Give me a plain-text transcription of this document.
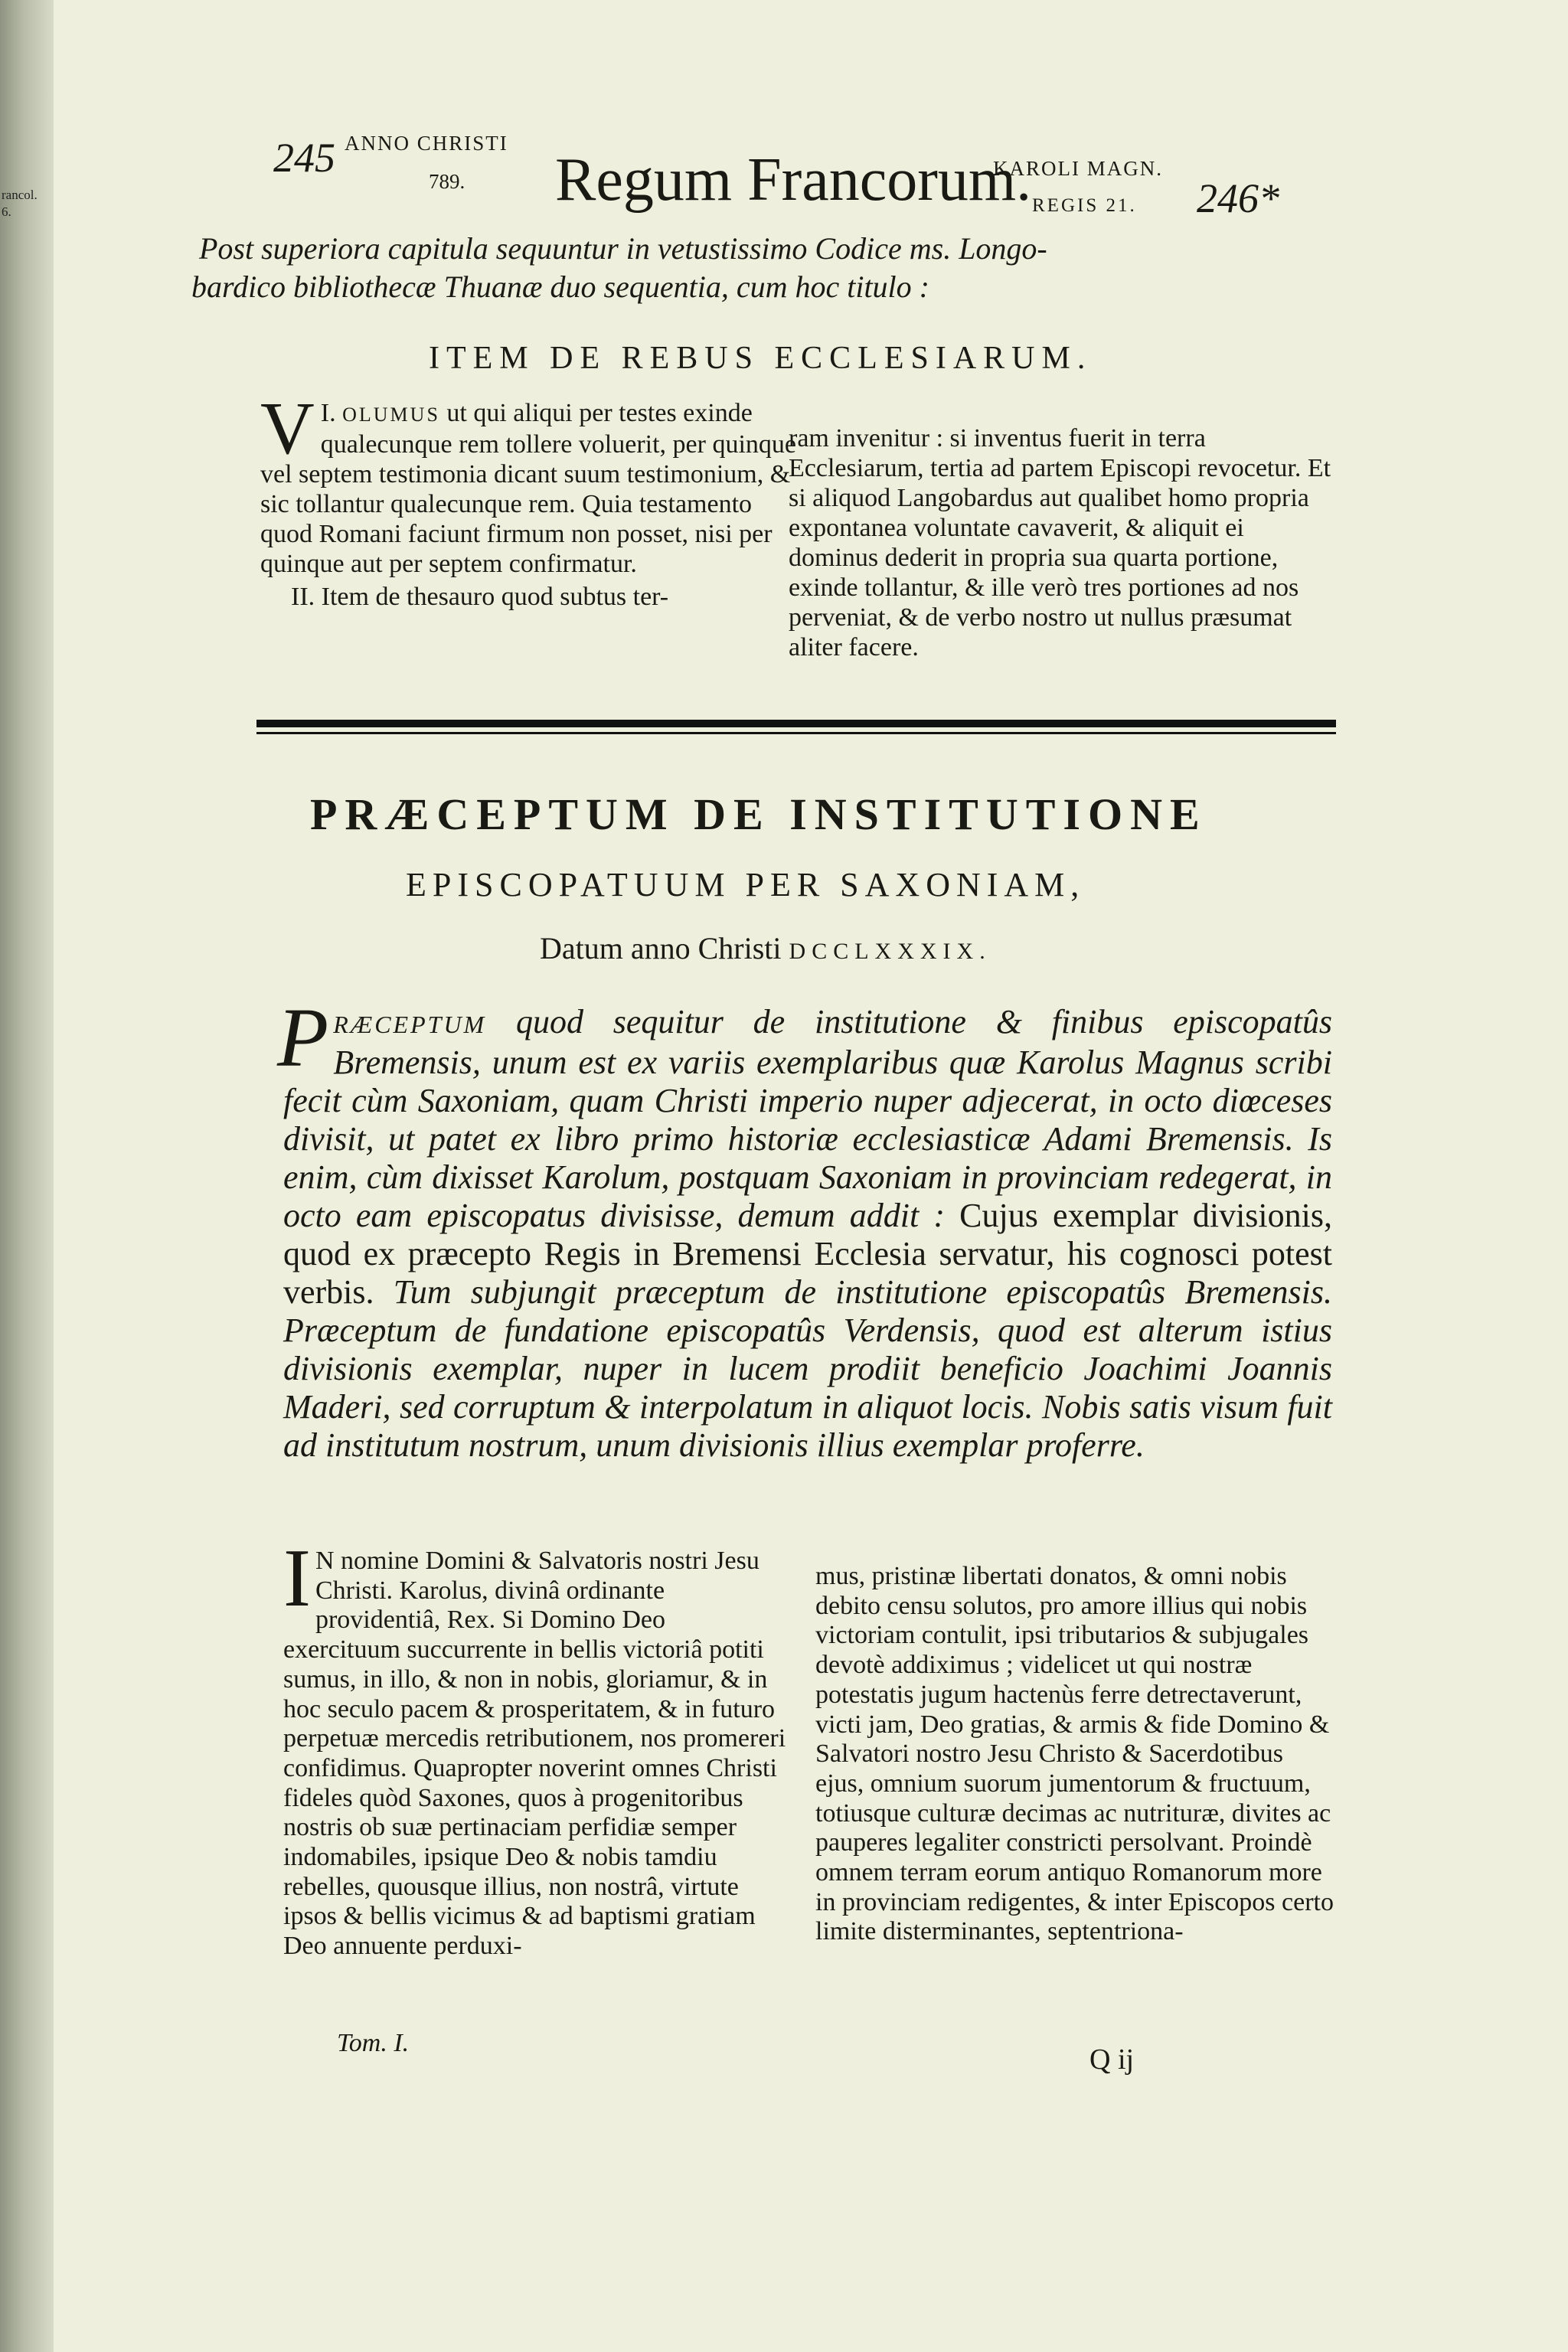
rancol. 6.
245 ANNO CHRISTI
789. Regum Francorum.
KAROLI MAGN.
REGIS 21. 246*

Post superiora capitula sequuntur in vetustissimo Codice ms. Longo-

bardico bibliothecæ Thuanæ duo sequentia, cum hoc titulo :

ITEM DE REBUS ECCLESIARUM.

I.
V OLUMUS ut qui aliqui per testes exinde qualecunque rem tollere voluerit, per quinque vel septem testimonia dicant suum testimonium, & sic tollantur qualecunque rem. Quia testamento quod Romani faciunt firmum non posset, nisi per quinque aut per septem confirmatur.

II. Item de thesauro quod subtus ter-

ram invenitur : si inventus fuerit in terra Ecclesiarum, tertia ad partem Episcopi revocetur. Et si aliquod Langobardus aut qualibet homo propria expontanea voluntate cavaverit, & aliquit ei dominus dederit in propria sua quarta portione, exinde tollantur, & ille verò tres portiones ad nos perveniat, & de verbo nostro ut nullus præsumat aliter facere.

PRÆCEPTUM DE INSTITUTIONE
EPISCOPATUUM PER SAXONIAM,
Datum anno Christi DCCLXXXIX.
PRÆCEPTUM quod sequitur de institutione & finibus episcopatûs Bremensis, unum est ex variis exemplaribus quæ Karolus Magnus scribi fecit cùm Saxoniam, quam Christi imperio nuper adjecerat, in octo diœceses divisit, ut patet ex libro primo historiæ ecclesiasticæ Adami Bremensis. Is enim, cùm dixisset Karolum, postquam Saxoniam in provinciam redegerat, in octo eam episcopatus divisisse, demum addit : Cujus exemplar divisionis, quod ex præcepto Regis in Bremensi Ecclesia servatur, his cognosci potest verbis. Tum subjungit præceptum de institutione episcopatûs Bremensis. Præceptum de fundatione episcopatûs Verdensis, quod est alterum istius divisionis exemplar, nuper in lucem prodiit beneficio Joachimi Joannis Maderi, sed corruptum & interpolatum in aliquot locis. Nobis satis visum fuit ad institutum nostrum, unum divisionis illius exemplar proferre.

I N nomine Domini & Salvatoris nostri Jesu Christi. Karolus, divinâ ordinante providentiâ, Rex. Si Domino Deo exercituum succurrente in bellis victoriâ potiti sumus, in illo, & non in nobis, gloriamur, & in hoc seculo pacem & prosperitatem, & in futuro perpetuæ mercedis retributionem, nos promereri confidimus. Quapropter noverint omnes Christi fideles quòd Saxones, quos à progenitoribus nostris ob suæ pertinaciam perfidiæ semper indomabiles, ipsique Deo & nobis tamdiu rebelles, quousque illius, non nostrâ, virtute ipsos & bellis vicimus & ad baptismi gratiam Deo annuente perduxi-

mus, pristinæ libertati donatos, & omni nobis debito censu solutos, pro amore illius qui nobis victoriam contulit, ipsi tributarios & subjugales devotè addiximus ; videlicet ut qui nostræ potestatis jugum hactenùs ferre detrectaverunt, victi jam, Deo gratias, & armis & fide Domino & Salvatori nostro Jesu Christo & Sacerdotibus ejus, omnium suorum jumentorum & fructuum, totiusque culturæ decimas ac nutrituræ, divites ac pauperes legaliter constricti persolvant. Proindè omnem terram eorum antiquo Romanorum more in provinciam redigentes, & inter Episcopos certo limite disterminantes, septentriona-

Tom. I.
Q ij
